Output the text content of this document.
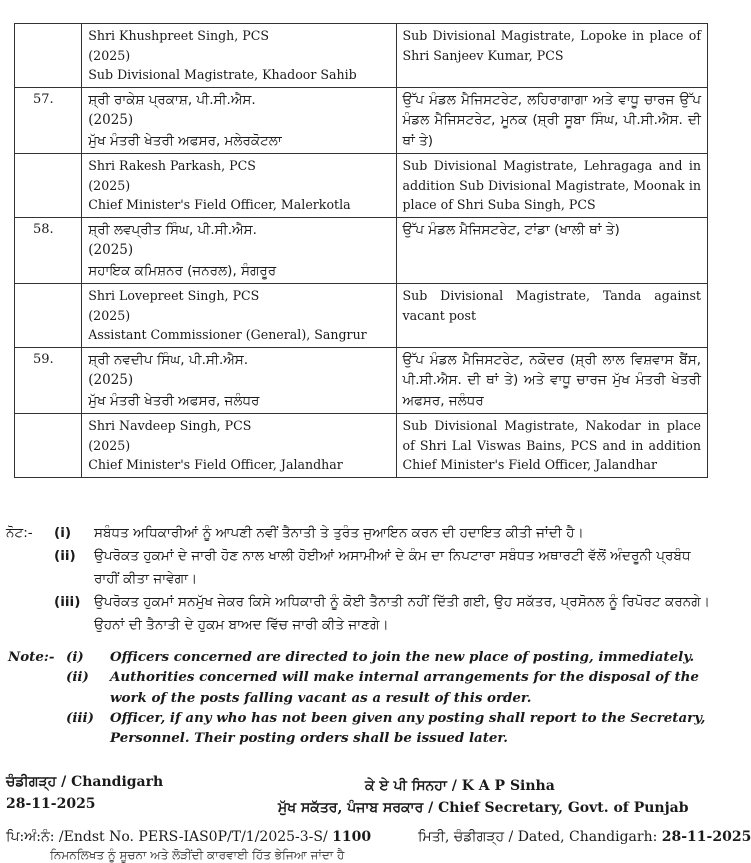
	Shri Khushpreet Singh, PCS
(2025)
Sub Divisional Magistrate, Khadoor Sahib	Sub Divisional Magistrate, Lopoke in place of Shri Sanjeev Kumar, PCS

57.	ਸ਼੍ਰੀ ਰਾਕੇਸ਼ ਪ੍ਰਕਾਸ਼, ਪੀ.ਸੀ.ਐਸ.
(2025)
ਮੁੱਖ ਮੰਤਰੀ ਖੇਤਰੀ ਅਫਸਰ, ਮਲੇਰਕੋਟਲਾ	ਉੱਪ ਮੰਡਲ ਮੈਜਿਸਟਰੇਟ, ਲਹਿਰਾਗਾਗਾ ਅਤੇ ਵਾਧੂ ਚਾਰਜ ਉੱਪ ਮੰਡਲ ਮੈਜਿਸਟਰੇਟ, ਮੂਨਕ (ਸ਼੍ਰੀ ਸੂਬਾ ਸਿੰਘ, ਪੀ.ਸੀ.ਐਸ. ਦੀ ਥਾਂ ਤੇ)

	Shri Rakesh Parkash, PCS
(2025)
Chief Minister's Field Officer, Malerkotla	Sub Divisional Magistrate, Lehragaga and in addition Sub Divisional Magistrate, Moonak in place of Shri Suba Singh, PCS

58.	ਸ਼੍ਰੀ ਲਵਪ੍ਰੀਤ ਸਿੰਘ, ਪੀ.ਸੀ.ਐਸ.
(2025)
ਸਹਾਇਕ ਕਮਿਸ਼ਨਰ (ਜਨਰਲ), ਸੰਗਰੂਰ	ਉੱਪ ਮੰਡਲ ਮੈਜਿਸਟਰੇਟ, ਟਾਂਡਾ (ਖਾਲੀ ਥਾਂ ਤੇ)

	Shri Lovepreet Singh, PCS
(2025)
Assistant Commissioner (General), Sangrur	Sub Divisional Magistrate, Tanda against vacant post

59.	ਸ਼੍ਰੀ ਨਵਦੀਪ ਸਿੰਘ, ਪੀ.ਸੀ.ਐਸ.
(2025)
ਮੁੱਖ ਮੰਤਰੀ ਖੇਤਰੀ ਅਫਸਰ, ਜਲੰਧਰ	ਉੱਪ ਮੰਡਲ ਮੈਜਿਸਟਰੇਟ, ਨਕੋਦਰ (ਸ਼੍ਰੀ ਲਾਲ ਵਿਸ਼ਵਾਸ ਬੈਂਸ, ਪੀ.ਸੀ.ਐਸ. ਦੀ ਥਾਂ ਤੇ) ਅਤੇ ਵਾਧੂ ਚਾਰਜ ਮੁੱਖ ਮੰਤਰੀ ਖੇਤਰੀ ਅਫਸਰ, ਜਲੰਧਰ

	Shri Navdeep Singh, PCS
(2025)
Chief Minister's Field Officer, Jalandhar	Sub Divisional Magistrate, Nakodar in place of Shri Lal Viswas Bains, PCS and in addition Chief Minister's Field Officer, Jalandhar
ਨੋਟ:- (i) ਸਬੰਧਤ ਅਧਿਕਾਰੀਆਂ ਨੂੰ ਆਪਣੀ ਨਵੀਂ ਤੈਨਾਤੀ ਤੇ ਤੁਰੰਤ ਜੁਆਇਨ ਕਰਨ ਦੀ ਹਦਾਇਤ ਕੀਤੀ ਜਾਂਦੀ ਹੈ।
(ii) ਉਪਰੋਕਤ ਹੁਕਮਾਂ ਦੇ ਜਾਰੀ ਹੋਣ ਨਾਲ ਖਾਲੀ ਹੋਈਆਂ ਅਸਾਮੀਆਂ ਦੇ ਕੰਮ ਦਾ ਨਿਪਟਾਰਾ ਸਬੰਧਤ ਅਥਾਰਟੀ ਵੱਲੋਂ ਅੰਦਰੂਨੀ ਪ੍ਰਬੰਧ ਰਾਹੀਂ ਕੀਤਾ ਜਾਵੇਗਾ।
(iii) ਉਪਰੋਕਤ ਹੁਕਮਾਂ ਸਨਮੁੱਖ ਜੇਕਰ ਕਿਸੇ ਅਧਿਕਾਰੀ ਨੂੰ ਕੋਈ ਤੈਨਾਤੀ ਨਹੀਂ ਦਿੱਤੀ ਗਈ, ਉਹ ਸਕੱਤਰ, ਪ੍ਰਸੋਨਲ ਨੂੰ ਰਿਪੋਰਟ ਕਰਨਗੇ। ਉਹਨਾਂ ਦੀ ਤੈਨਾਤੀ ਦੇ ਹੁਕਮ ਬਾਅਦ ਵਿੱਚ ਜਾਰੀ ਕੀਤੇ ਜਾਣਗੇ।
Note:- (i) Officers concerned are directed to join the new place of posting, immediately.
(ii) Authorities concerned will make internal arrangements for the disposal of the work of the posts falling vacant as a result of this order.
(iii) Officer, if any who has not been given any posting shall report to the Secretary, Personnel. Their posting orders shall be issued later.
ਚੰਡੀਗੜ੍ਹ / Chandigarh
28-11-2025
ਕੇ ਏ ਪੀ ਸਿਨਹਾ / K A P Sinha
ਮੁੱਖ ਸਕੱਤਰ, ਪੰਜਾਬ ਸਰਕਾਰ / Chief Secretary, Govt. of Punjab
ਪਿ:ਅੰ:ਨੰ: /Endst No. PERS-IAS0P/T/1/2025-3-S/ 1100	ਮਿਤੀ, ਚੰਡੀਗੜ੍ਹ / Dated, Chandigarh: 28-11-2025
ਨਿਮਨਲਿਖਤ ਨੂੰ ਸੂਚਨਾ ਅਤੇ ਲੋੜੀਂਦੀ ਕਾਰਵਾਈ ਹਿੱਤ ਭੇਜਿਆ ਜਾਂਦਾ ਹੈ
